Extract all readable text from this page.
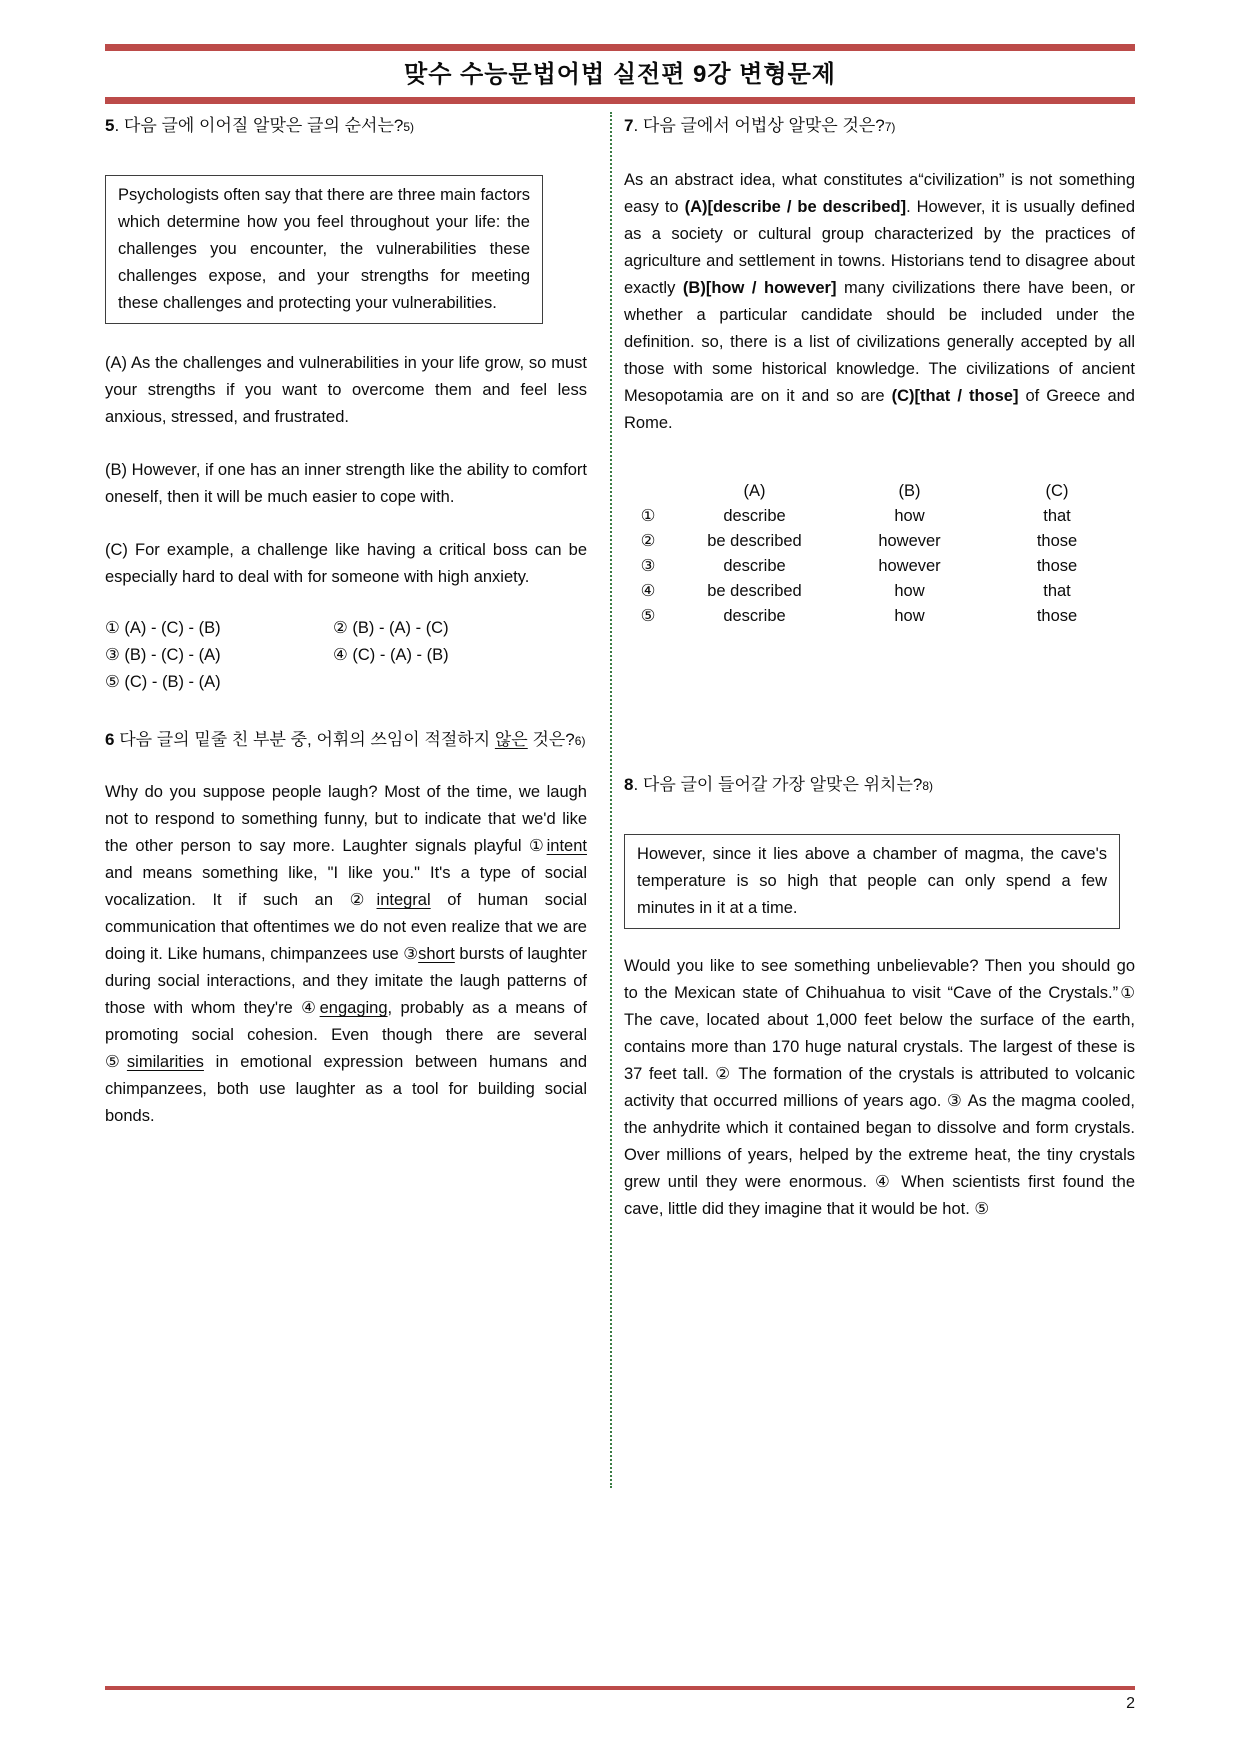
맞수 수능문법어법 실전편 9강 변형문제
5. 다음 글에 이어질 알맞은 글의 순서는?5)
Psychologists often say that there are three main factors which determine how you feel throughout your life: the challenges you encounter, the vulnerabilities these challenges expose, and your strengths for meeting these challenges and protecting your vulnerabilities.

(A) As the challenges and vulnerabilities in your life grow, so must your strengths if you want to overcome them and feel less anxious, stressed, and frustrated.

(B) However, if one has an inner strength like the ability to comfort oneself, then it will be much easier to cope with.

(C) For example, a challenge like having a critical boss can be especially hard to deal with for someone with high anxiety.

① (A) - (C) - (B)	② (B) - (A) - (C)
③ (B) - (C) - (A)	④ (C) - (A) - (B)
⑤ (C) - (B) - (A)
6 다음 글의 밑줄 친 부분 중, 어휘의 쓰임이 적절하지 않은 것은?6)

Why do you suppose people laugh? Most of the time, we laugh not to respond to something funny, but to indicate that we'd like the other person to say more. Laughter signals playful ①intent and means something like, "I like you." It's a type of social vocalization. It if such an ②integral of human social communication that oftentimes we do not even realize that we are doing it. Like humans, chimpanzees use ③short bursts of laughter during social interactions, and they imitate the laugh patterns of those with whom they're ④engaging, probably as a means of promoting social cohesion. Even though there are several ⑤similarities in emotional expression between humans and chimpanzees, both use laughter as a tool for building social bonds.

7. 다음 글에서 어법상 알맞은 것은?7)

As an abstract idea, what constitutes a“civilization” is not something easy to (A)[describe / be described]. However, it is usually defined as a society or cultural group characterized by the practices of agriculture and settlement in towns. Historians tend to disagree about exactly (B)[how / however] many civilizations there have been, or whether a particular candidate should be included under the definition. so, there is a list of civilizations generally accepted by all those with some historical knowledge. The civilizations of ancient Mesopotamia are on it and so are (C)[that / those] of Greece and Rome.

(A)	(B)	(C)
①	describe	how	that
②	be described	however	those
③	describe	however	those
④	be described	how	that
⑤	describe	how	those
8. 다음 글이 들어갈 가장 알맞은 위치는?8)
However, since it lies above a chamber of magma, the cave's temperature is so high that people can only spend a few minutes in it at a time.

Would you like to see something unbelievable? Then you should go to the Mexican state of Chihuahua to visit “Cave of the Crystals.”① The cave, located about 1,000 feet below the surface of the earth, contains more than 170 huge natural crystals. The largest of these is 37 feet tall. ② The formation of the crystals is attributed to volcanic activity that occurred millions of years ago. ③ As the magma cooled, the anhydrite which it contained began to dissolve and form crystals. Over millions of years, helped by the extreme heat, the tiny crystals grew until they were enormous. ④ When scientists first found the cave, little did they imagine that it would be hot. ⑤

2
